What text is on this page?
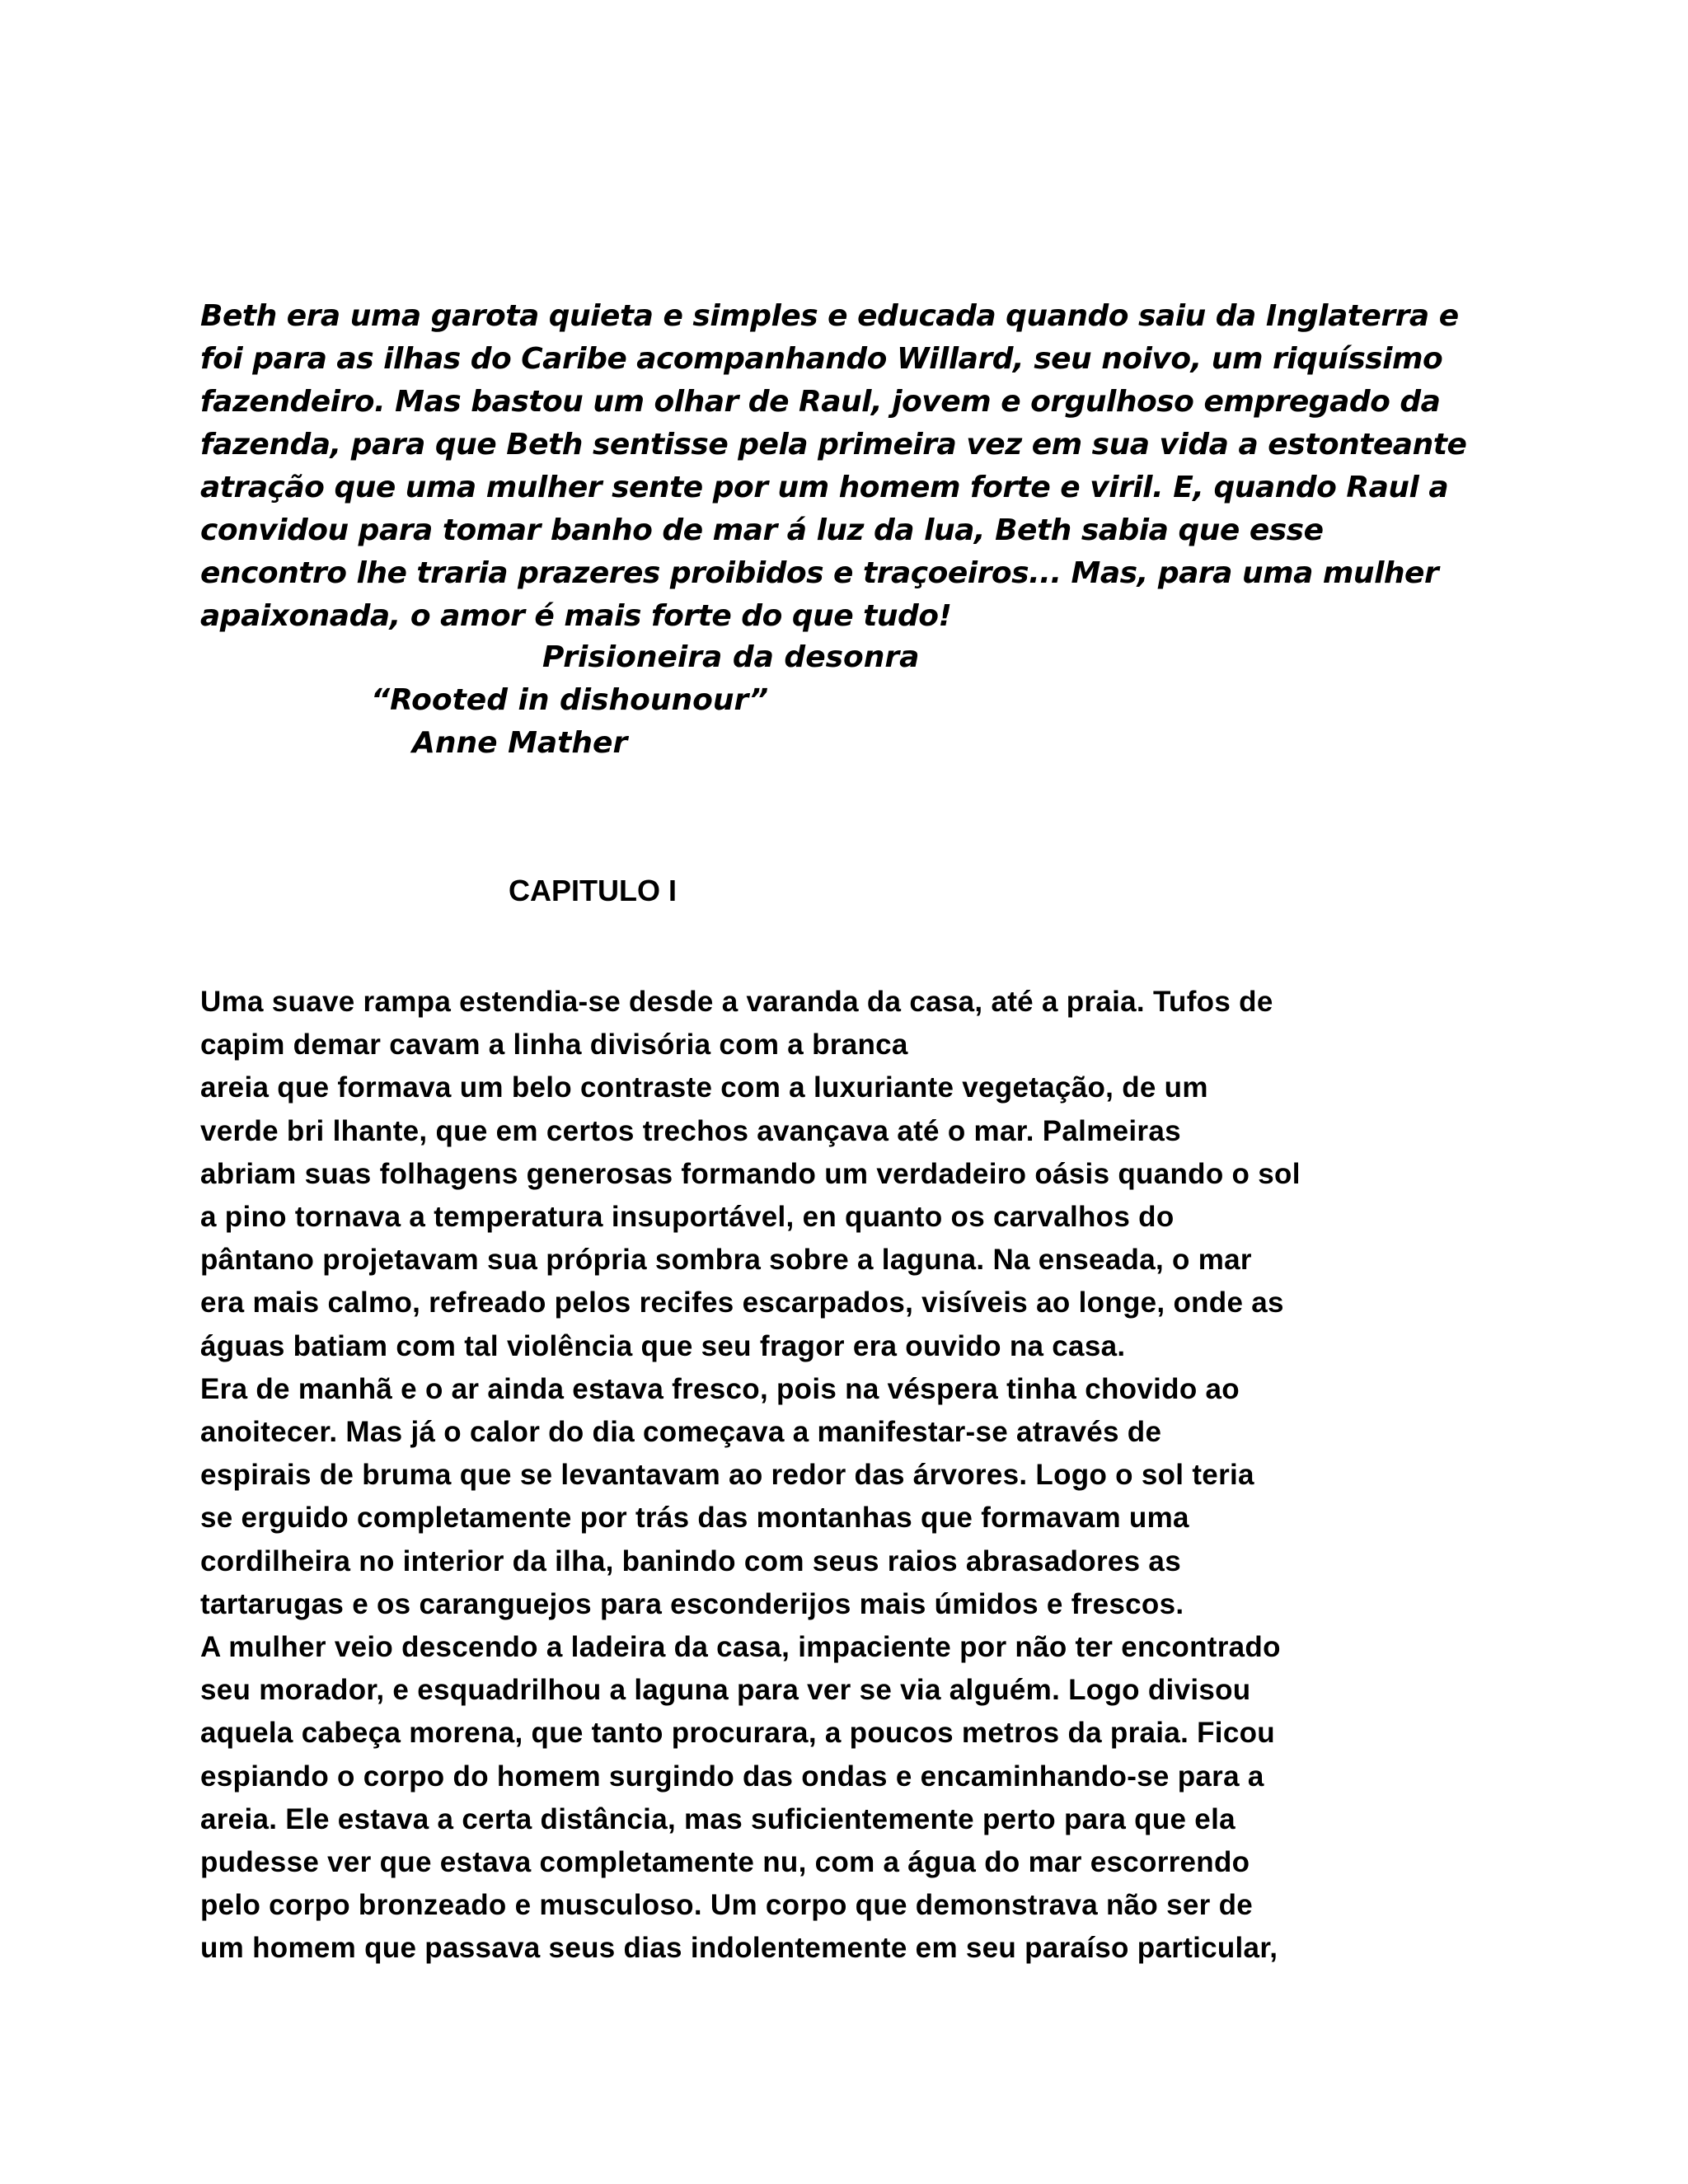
Beth era uma garota quieta e simples e educada quando saiu da Inglaterra e
foi para as ilhas do Caribe acompanhando Willard, seu noivo, um riquíssimo
fazendeiro. Mas bastou um olhar de Raul, jovem e orgulhoso empregado da
fazenda, para que Beth sentisse pela primeira vez em sua vida a estonteante
atração que uma mulher sente por um homem forte e viril. E, quando Raul a
convidou para tomar banho de mar á luz da lua, Beth sabia que esse
encontro lhe traria prazeres proibidos e traçoeiros... Mas, para uma mulher
apaixonada, o amor é mais forte do que tudo!
Prisioneira da desonra
“Rooted in dishounour”
Anne Mather
CAPITULO I
Uma suave rampa estendia-se desde a varanda da casa, até a praia. Tufos de
capim demar cavam a linha divisória com a branca
areia que formava um belo contraste com a luxuriante vegetação, de um
verde bri lhante, que em certos trechos avançava até o mar. Palmeiras
abriam suas folhagens generosas formando um verdadeiro oásis quando o sol
a pino tornava a temperatura insuportável, en quanto os carvalhos do
pântano projetavam sua própria sombra sobre a laguna. Na enseada, o mar
era mais calmo, refreado pelos recifes escarpados, visíveis ao longe, onde as
águas batiam com tal violência que seu fragor era ouvido na casa.
Era de manhã e o ar ainda estava fresco, pois na véspera tinha chovido ao
anoitecer. Mas já o calor do dia começava a manifestar-se através de
espirais de bruma que se levantavam ao redor das árvores. Logo o sol teria
se erguido completamente por trás das montanhas que formavam uma
cordilheira no interior da ilha, banindo com seus raios abrasadores as
tartarugas e os caranguejos para esconderijos mais úmidos e frescos.
A mulher veio descendo a ladeira da casa, impaciente por não ter encontrado
seu morador, e esquadrilhou a laguna para ver se via alguém. Logo divisou
aquela cabeça morena, que tanto procurara, a poucos metros da praia. Ficou
espiando o corpo do homem surgindo das ondas e encaminhando-se para a
areia. Ele estava a certa distância, mas suficientemente perto para que ela
pudesse ver que estava completamente nu, com a água do mar escorrendo
pelo corpo bronzeado e musculoso. Um corpo que demonstrava não ser de
um homem que passava seus dias indolentemente em seu paraíso particular,
